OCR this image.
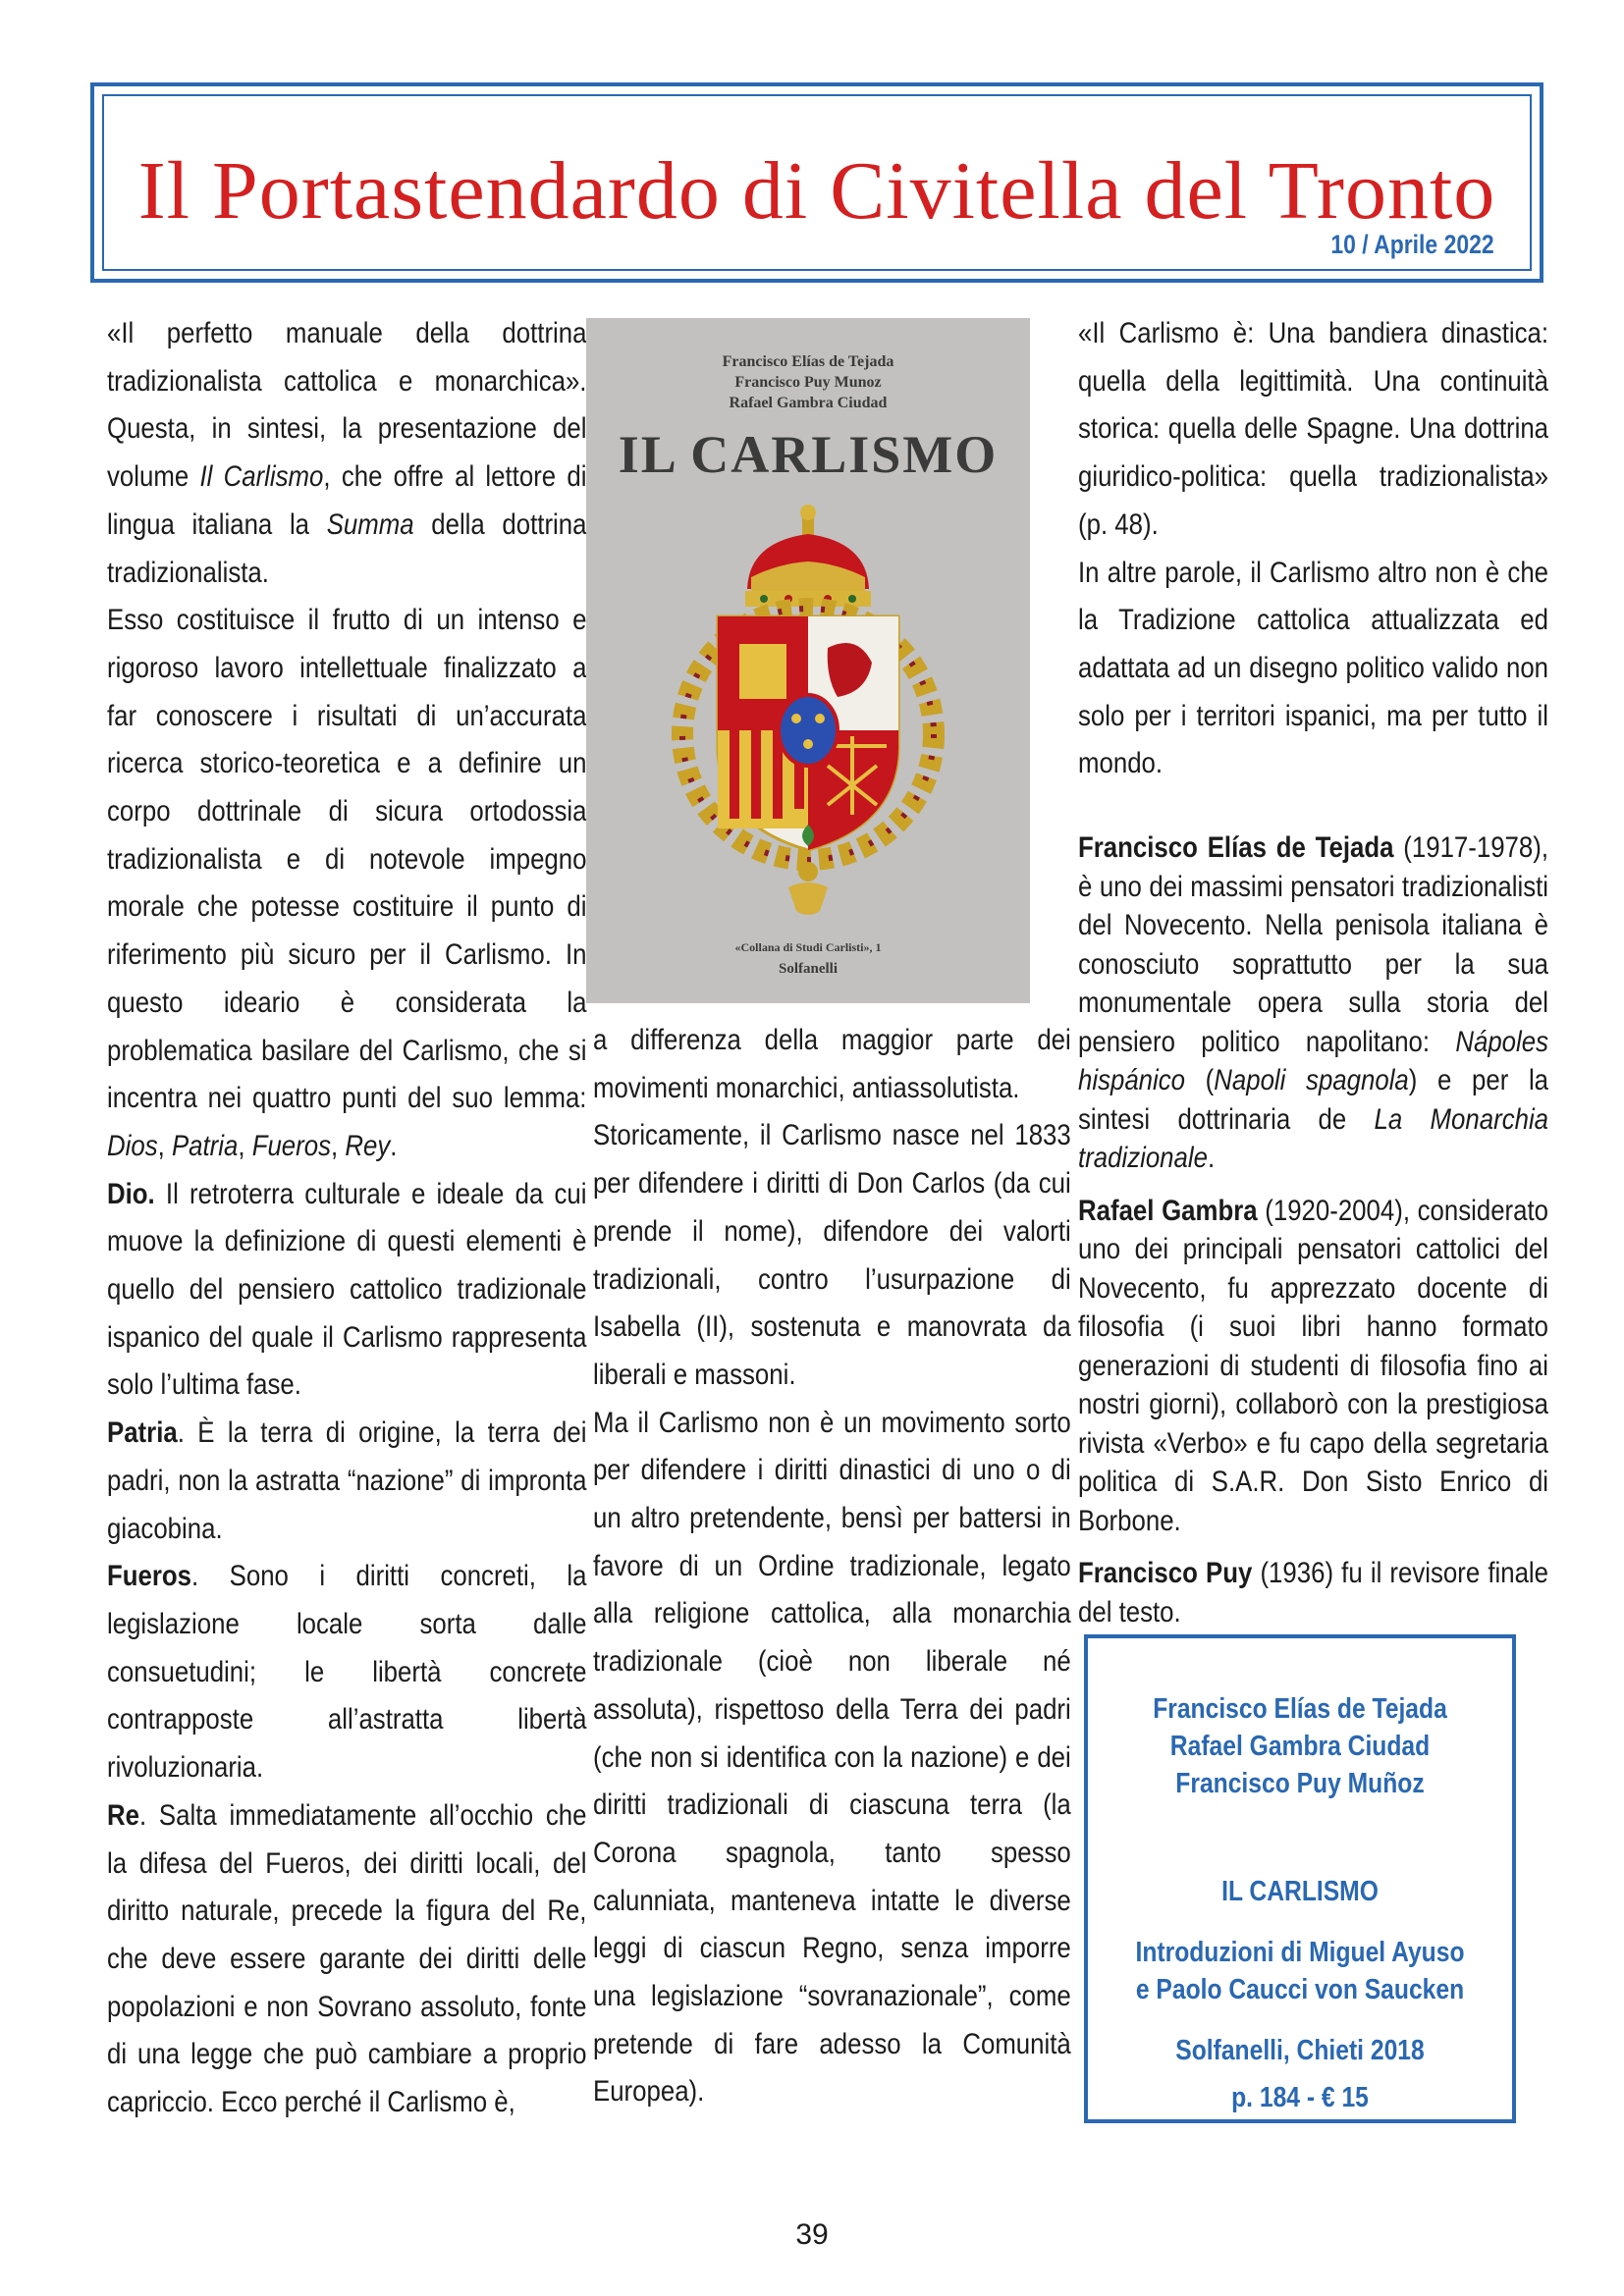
Il Portastendardo di Civitella del Tronto
10 / Aprile 2022

«Il perfetto manuale della dottrina tradizionalista cattolica e monarchica». Questa, in sintesi, la presentazione del volume Il Carlismo, che offre al lettore di lingua italiana la Summa della dottrina tradizionalista.

Esso costituisce il frutto di un intenso e rigoroso lavoro intellettuale finalizzato a far conoscere i risultati di un’accurata ricerca storico-teoretica e a definire un corpo dottrinale di sicura ortodossia tradizionalista e di notevole impegno morale che potesse costituire il punto di riferimento più sicuro per il Carlismo. In questo ideario è considerata la problematica basilare del Carlismo, che si incentra nei quattro punti del suo lemma: Dios, Patria, Fueros, Rey.

Dio. Il retroterra culturale e ideale da cui muove la definizione di questi elementi è quello del pensiero cattolico tradizionale ispanico del quale il Carlismo rappresenta solo l’ultima fase.

Patria. È la terra di origine, la terra dei padri, non la astratta “nazione” di impronta giacobina.

Fueros. Sono i diritti concreti, la legislazione locale sorta dalle consuetudini; le libertà concrete contrapposte all’astratta libertà rivoluzionaria.

Re. Salta immediatamente all’occhio che la difesa del Fueros, dei diritti locali, del diritto naturale, precede la figura del Re, che deve essere garante dei diritti delle popolazioni e non Sovrano assoluto, fonte di una legge che può cambiare a proprio capriccio. Ecco perché il Carlismo è,

Francisco Elías de Tejada
Francisco Puy Munoz
Rafael Gambra Ciudad
IL CARLISMO
«Collana di Studi Carlisti», 1
Solfanelli

a differenza della maggior parte dei movimenti monarchici, antiassolutista.

Storicamente, il Carlismo nasce nel 1833 per difendere i diritti di Don Carlos (da cui prende il nome), difendore dei valorti tradizionali, contro l’usurpazione di Isabella (II), sostenuta e manovrata da liberali e massoni.

Ma il Carlismo non è un movimento sorto per difendere i diritti dinastici di uno o di un altro pretendente, bensì per battersi in favore di un Ordine tradizionale, legato alla religione cattolica, alla monarchia tradizionale (cioè non liberale né assoluta), rispettoso della Terra dei padri (che non si identifica con la nazione) e dei diritti tradizionali di ciascuna terra (la Corona spagnola, tanto spesso calunniata, manteneva intatte le diverse leggi di ciascun Regno, senza imporre una legislazione “sovranazionale”, come pretende di fare adesso la Comunità Europea).

«Il Carlismo è: Una bandiera dinastica: quella della legittimità. Una continuità storica: quella delle Spagne. Una dottrina giuridico-politica: quella tradizionalista» (p. 48).

In altre parole, il Carlismo altro non è che la Tradizione cattolica attualizzata ed adattata ad un disegno politico valido non solo per i territori ispanici, ma per tutto il mondo.

Francisco Elías de Tejada (1917-1978), è uno dei massimi pensatori tradizionalisti del Novecento. Nella penisola italiana è conosciuto soprattutto per la sua monumentale opera sulla storia del pensiero politico napolitano: Nápoles hispánico (Napoli spagnola) e per la sintesi dottrinaria de La Monarchia tradizionale.

Rafael Gambra (1920-2004), considerato uno dei principali pensatori cattolici del Novecento, fu apprezzato docente di filosofia (i suoi libri hanno formato generazioni di studenti di filosofia fino ai nostri giorni), collaborò con la prestigiosa rivista «Verbo» e fu capo della segretaria politica di S.A.R. Don Sisto Enrico di Borbone.

Francisco Puy (1936) fu il revisore finale del testo.

Francisco Elías de Tejada
Rafael Gambra Ciudad
Francisco Puy Muñoz
IL CARLISMO
Introduzioni di Miguel Ayuso
e Paolo Caucci von Saucken
Solfanelli, Chieti 2018
p. 184 - € 15
39
